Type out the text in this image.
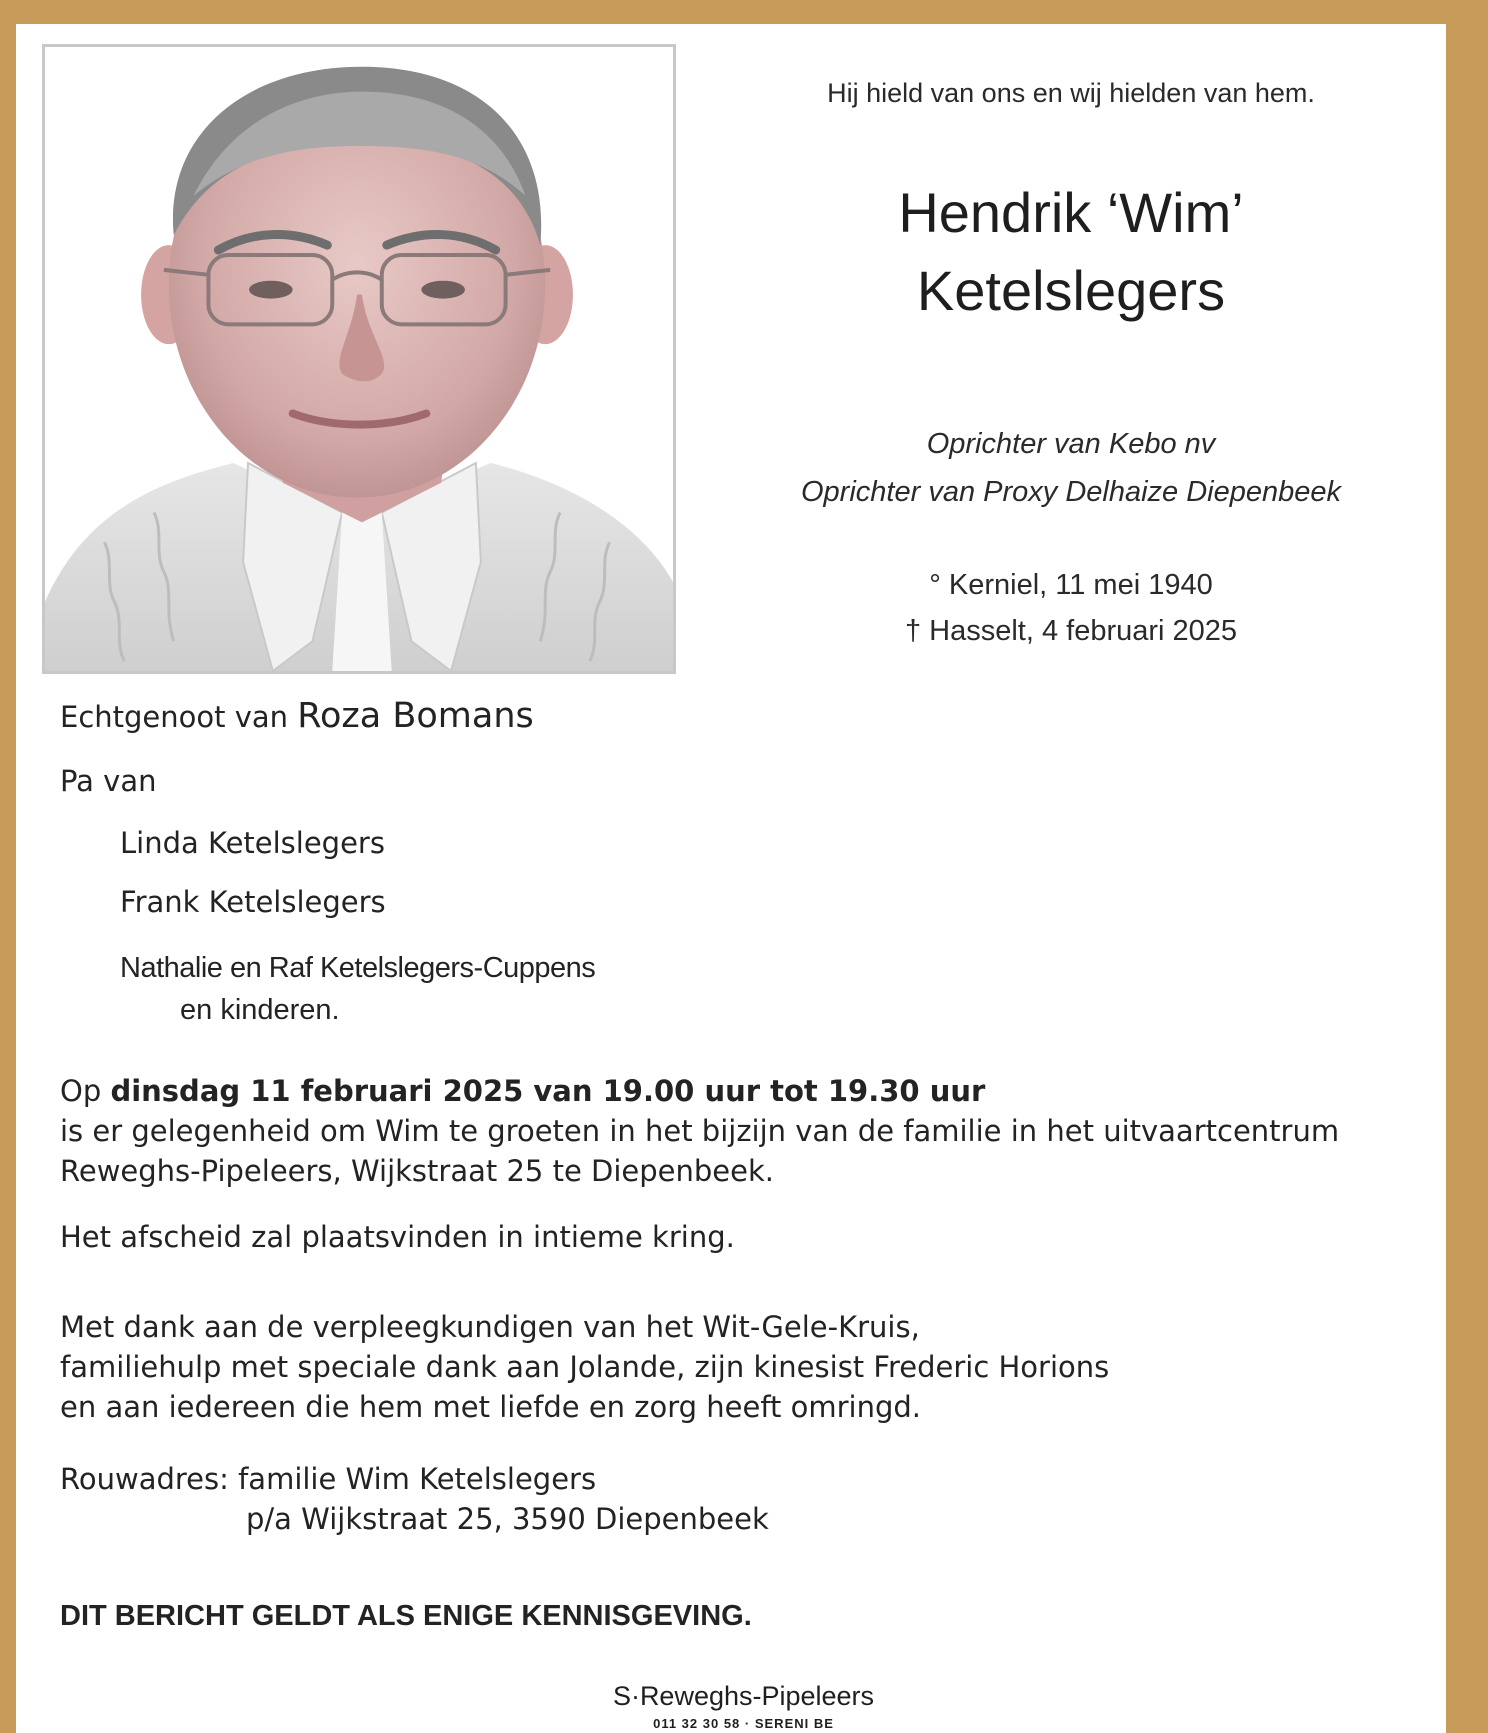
Hij hield van ons en wij hielden van hem.
Hendrik ‘Wim’
Ketelslegers
Oprichter van Kebo nv
Oprichter van Proxy Delhaize Diepenbeek
° Kerniel, 11 mei 1940
† Hasselt, 4 februari 2025
Echtgenoot van Roza Bomans
Pa van
Linda Ketelslegers
Frank Ketelslegers
Nathalie en Raf Ketelslegers-Cuppens
en kinderen.
Op dinsdag 11 februari 2025 van 19.00 uur tot 19.30 uur
is er gelegenheid om Wim te groeten in het bijzijn van de familie in het uitvaartcentrum
Reweghs-Pipeleers, Wijkstraat 25 te Diepenbeek.
Het afscheid zal plaatsvinden in intieme kring.
Met dank aan de verpleegkundigen van het Wit-Gele-Kruis,
familiehulp met speciale dank aan Jolande, zijn kinesist Frederic Horions
en aan iedereen die hem met liefde en zorg heeft omringd.
Rouwadres: familie Wim Ketelslegers
p/a Wijkstraat 25, 3590 Diepenbeek
DIT BERICHT GELDT ALS ENIGE KENNISGEVING.
S·Reweghs-Pipeleers
011 32 30 58 · SERENI BE
